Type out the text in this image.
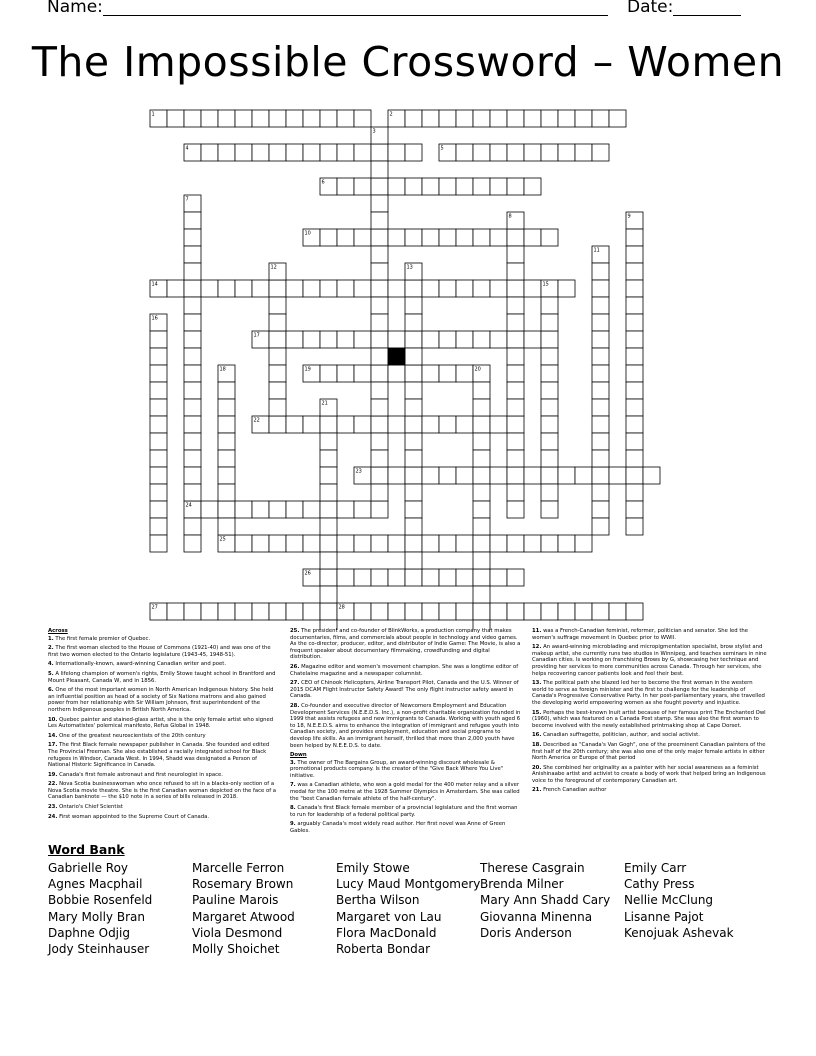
Name:	Date:
The Impossible Crossword – Women
1	2
3
4	5
6
7
8	9
10
11
12	13
14	15
16
17
18	19	20
21
22
23
24
25
26
27	28
Across
1. The first female premier of Quebec.
2. The first woman elected to the House of Commons (1921-40) and was one of the first two women elected to the Ontario legislature (1943-45, 1948-51).
4. Internationally-known, award-winning Canadian writer and poet.
5. A lifelong champion of women's rights, Emily Stowe taught school in Brantford and Mount Pleasant, Canada W, and in 1856.
6. One of the most important women in North American Indigenous history. She held an influential position as head of a society of Six Nations matrons and also gained power from her relationship with Sir William Johnson, first superintendent of the northern Indigenous peoples in British North America.
10. Quebec painter and stained-glass artist, she is the only female artist who signed Les Automatistes' polemical manifesto, Refus Global in 1948.
14. One of the greatest neuroscientists of the 20th century
17. The first Black female newspaper publisher in Canada. She founded and edited The Provincial Freeman. She also established a racially integrated school for Black refugees in Windsor, Canada West. In 1994, Shadd was designated a Person of National Historic Significance in Canada.
19. Canada's first female astronaut and first neurologist in space.
22. Nova Scotia businesswoman who once refused to sit in a blacks-only section of a Nova Scotia movie theatre. She is the first Canadian woman depicted on the face of a Canadian banknote — the $10 note in a series of bills released in 2018.
23. Ontario's Chief Scientist
24. First woman appointed to the Supreme Court of Canada.
25. The president and co-founder of BlinkWorks, a production company that makes documentaries, films, and commercials about people in technology and video games. As the co-director, producer, editor, and distributor of Indie Game: The Movie, is also a frequent speaker about documentary filmmaking, crowdfunding and digital distribution.
26. Magazine editor and women's movement champion. She was a longtime editor of Chatelaine magazine and a newspaper columnist.
27. CEO of Chinook Helicopters, Airline Transport Pilot, Canada and the U.S. Winner of 2015 DCAM Flight Instructor Safety Award! The only flight instructor safety award in Canada.
28. Co-founder and executive director of Newcomers Employment and Education Development Services (N.E.E.D.S. Inc.), a non-profit charitable organization founded in 1999 that assists refugees and new immigrants to Canada. Working with youth aged 6 to 18, N.E.E.D.S. aims to enhance the integration of immigrant and refugee youth into Canadian society, and provides employment, education and social programs to develop life skills. As an immigrant herself, thrilled that more than 2,000 youth have been helped by N.E.E.D.S. to date.
Down
3. The owner of The Bargains Group, an award-winning discount wholesale & promotional products company. Is the creator of the "Give Back Where You Live" initiative.
7. was a Canadian athlete, who won a gold medal for the 400 meter relay and a silver medal for the 100 metre at the 1928 Summer Olympics in Amsterdam. She was called the "best Canadian female athlete of the half-century".
8. Canada's first Black female member of a provincial legislature and the first woman to run for leadership of a federal political party.
9. arguably Canada's most widely read author. Her first novel was Anne of Green Gables.
11. was a French-Canadian feminist, reformer, politician and senator. She led the women's suffrage movement in Quebec prior to WWII.
12. An award-winning microblading and micropigmentation specialist, brow stylist and makeup artist, she currently runs two studios in Winnipeg, and teaches seminars in nine Canadian cities. Is working on franchising Brows by G, showcasing her technique and providing her services to more communities across Canada. Through her services, she helps recovering cancer patients look and feel their best.
13. The political path she blazed led her to become the first woman in the western world to serve as foreign minister and the first to challenge for the leadership of Canada's Progressive Conservative Party. In her post-parliamentary years, she travelled the developing world empowering women as she fought poverty and injustice.
15. Perhaps the best-known Inuit artist because of her famous print The Enchanted Owl (1960), which was featured on a Canada Post stamp. She was also the first woman to become involved with the newly established printmaking shop at Cape Dorset.
16. Canadian suffragette, politician, author, and social activist.
18. Described as "Canada's Van Gogh", one of the preeminent Canadian painters of the first half of the 20th century; she was also one of the only major female artists in either North America or Europe of that period
20. She combined her originality as a painter with her social awareness as a feminist Anishinaabe artist and activist to create a body of work that helped bring an Indigenous voice to the foreground of contemporary Canadian art.
21. French Canadian author
Word Bank
Gabrielle Roy
Agnes Macphail
Bobbie Rosenfeld
Mary Molly Bran
Daphne Odjig
Jody Steinhauser
Marcelle Ferron
Rosemary Brown
Pauline Marois
Margaret Atwood
Viola Desmond
Molly Shoichet
Emily Stowe
Lucy Maud Montgomery
Bertha Wilson
Margaret von Lau
Flora MacDonald
Roberta Bondar
Therese Casgrain
Brenda Milner
Mary Ann Shadd Cary
Giovanna Minenna
Doris Anderson
Emily Carr
Cathy Press
Nellie McClung
Lisanne Pajot
Kenojuak Ashevak
